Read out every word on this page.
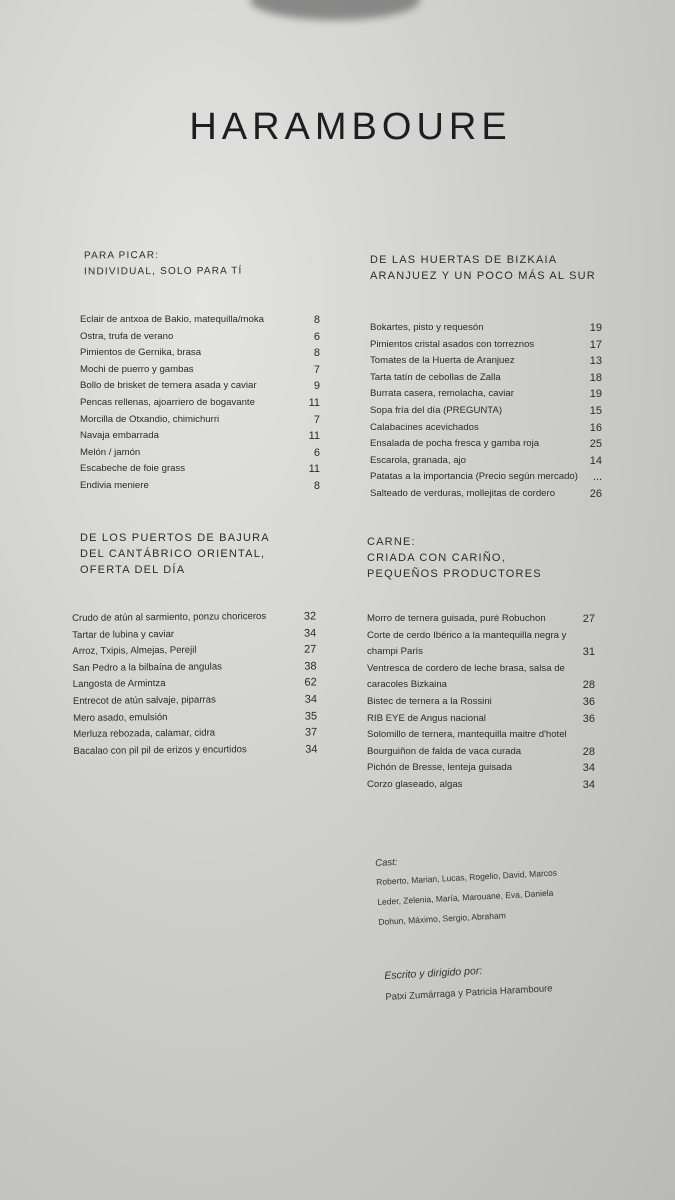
HARAMBOURE
PARA PICAR:
INDIVIDUAL, SOLO PARA TÍ
Eclair de antxoa de Bakio, matequilla/moka	8
Ostra, trufa de verano	6
Pimientos de Gernika, brasa	8
Mochi de puerro y gambas	7
Bollo de brisket de ternera asada y caviar	9
Pencas rellenas, ajoarriero de bogavante	11
Morcilla de Otxandio, chimichurri	7
Navaja embarrada	11
Melón / jamón	6
Escabeche de foie grass	11
Endivia meniere	8
DE LAS HUERTAS DE BIZKAIA
ARANJUEZ Y UN POCO MÁS AL SUR
Bokartes, pisto y requesón	19
Pimientos cristal asados con torreznos	17
Tomates de la Huerta de Aranjuez	13
Tarta tatín de cebollas de Zalla	18
Burrata casera, remolacha, caviar	19
Sopa fría del día (PREGUNTA)	15
Calabacines acevichados	16
Ensalada de pocha fresca y gamba roja	25
Escarola, granada, ajo	14
Patatas a la importancia (Precio según mercado) ...
Salteado de verduras, mollejitas de cordero	26
DE LOS PUERTOS DE BAJURA
DEL CANTÁBRICO ORIENTAL,
OFERTA DEL DÍA
Crudo de atún al sarmiento, ponzu choriceros	32
Tartar de lubina y caviar	34
Arroz, Txipis, Almejas, Perejil	27
San Pedro a la bilbaína de angulas	38
Langosta de Armintza	62
Entrecot de atún salvaje, piparras	34
Mero asado, emulsión	35
Merluza rebozada, calamar, cidra	37
Bacalao con pil pil de erizos y encurtidos	34
CARNE:
CRIADA CON CARIÑO,
PEQUEÑOS PRODUCTORES
Morro de ternera guisada, puré Robuchon	27
Corte de cerdo Ibérico a la mantequilla negra y
champi París	31
Ventresca de cordero de leche brasa, salsa de
caracoles Bizkaina	28
Bistec de ternera a la Rossini	36
RIB EYE de Angus nacional	36
Solomillo de ternera, mantequilla maitre d'hotel
Bourguiñon de falda de vaca curada	28
Pichón de Bresse, lenteja guisada	34
Corzo glaseado, algas	34
Cast:
Roberto, Marian, Lucas, Rogelio, David, Marcos
Leder, Zelenia, María, Marouane, Eva, Daniela
Dohun, Máximo, Sergio, Abraham
Escrito y dirigido por:
Patxi Zumárraga y Patricia Haramboure
